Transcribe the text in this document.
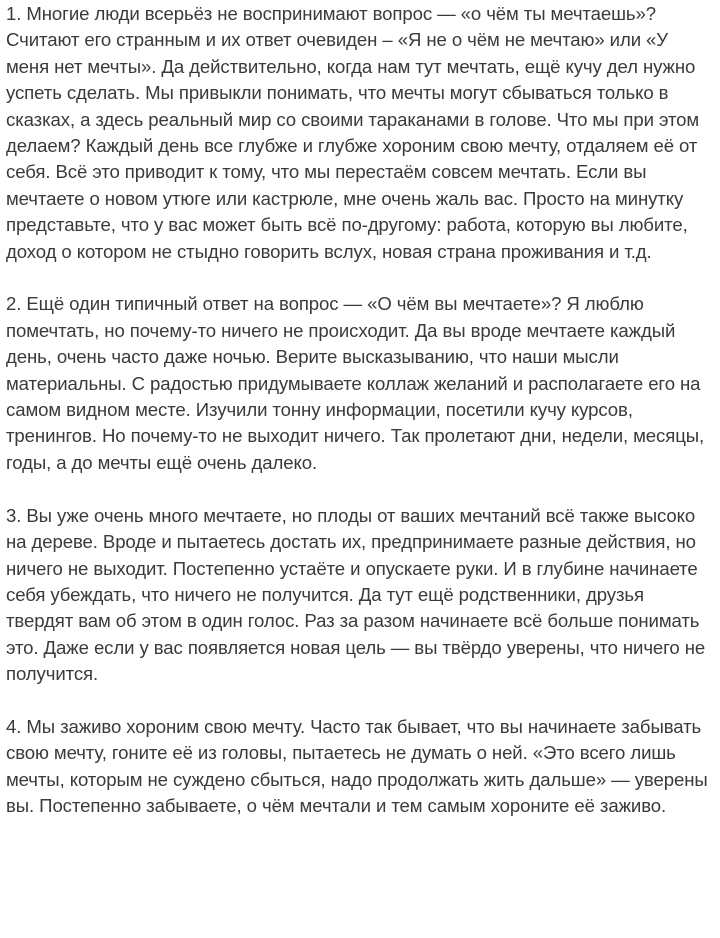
1. Многие люди всерьёз не воспринимают вопрос — «о чём ты мечтаешь»? Считают его странным и их ответ очевиден – «Я не о чём не мечтаю» или «У меня нет мечты». Да действительно, когда нам тут мечтать, ещё кучу дел нужно успеть сделать. Мы привыкли понимать, что мечты могут сбываться только в сказках, а здесь реальный мир со своими тараканами в голове. Что мы при этом делаем? Каждый день все глубже и глубже хороним свою мечту, отдаляем её от себя. Всё это приводит к тому, что мы перестаём совсем мечтать. Если вы мечтаете о новом утюге или кастрюле, мне очень жаль вас. Просто на минутку представьте, что у вас может быть всё по-другому: работа, которую вы любите, доход о котором не стыдно говорить вслух, новая страна проживания и т.д.

2. Ещё один типичный ответ на вопрос — «О чём вы мечтаете»? Я люблю помечтать, но почему-то ничего не происходит. Да вы вроде мечтаете каждый день, очень часто даже ночью. Верите высказыванию, что наши мысли материальны. С радостью придумываете коллаж желаний и располагаете его на самом видном месте. Изучили тонну информации, посетили кучу курсов, тренингов. Но почему-то не выходит ничего. Так пролетают дни, недели, месяцы, годы, а до мечты ещё очень далеко.

3. Вы уже очень много мечтаете, но плоды от ваших мечтаний всё также высоко на дереве. Вроде и пытаетесь достать их, предпринимаете разные действия, но ничего не выходит. Постепенно устаёте и опускаете руки. И в глубине начинаете себя убеждать, что ничего не получится. Да тут ещё родственники, друзья твердят вам об этом в один голос. Раз за разом начинаете всё больше понимать это. Даже если у вас появляется новая цель — вы твёрдо уверены, что ничего не получится.

4. Мы заживо хороним свою мечту. Часто так бывает, что вы начинаете забывать свою мечту, гоните её из головы, пытаетесь не думать о ней. «Это всего лишь мечты, которым не суждено сбыться, надо продолжать жить дальше» — уверены вы. Постепенно забываете, о чём мечтали и тем самым хороните её заживо.
